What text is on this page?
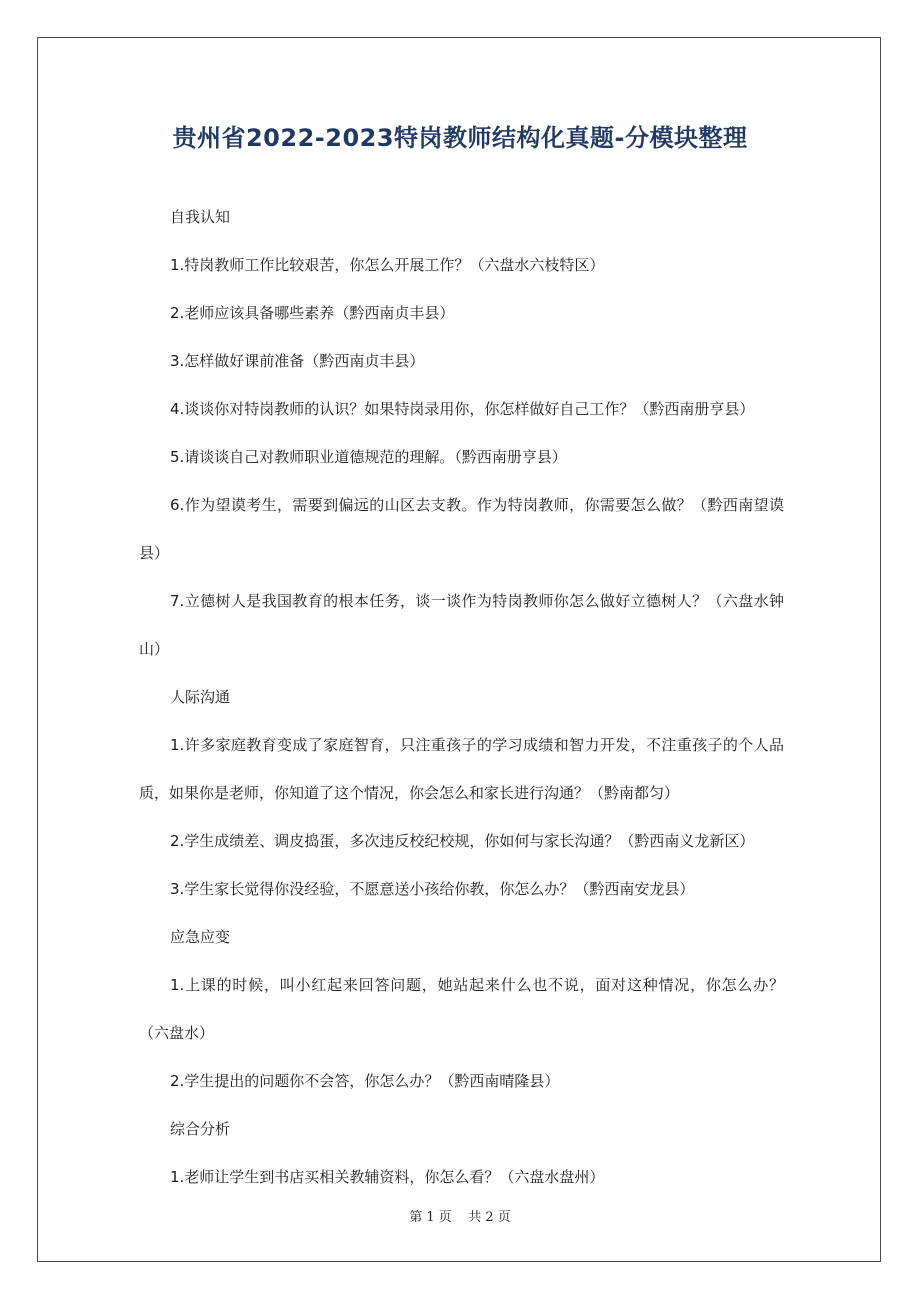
贵州省2022-2023特岗教师结构化真题-分模块整理

自我认知

1.特岗教师工作比较艰苦，你怎么开展工作？（六盘水六枝特区）

2.老师应该具备哪些素养（黔西南贞丰县）

3.怎样做好课前准备（黔西南贞丰县）

4.谈谈你对特岗教师的认识？如果特岗录用你，你怎样做好自己工作？（黔西南册亨县）

5.请谈谈自己对教师职业道德规范的理解。（黔西南册亨县）

6.作为望谟考生，需要到偏远的山区去支教。作为特岗教师，你需要怎么做？（黔西南望谟县）

7.立德树人是我国教育的根本任务，谈一谈作为特岗教师你怎么做好立德树人？（六盘水钟山）

人际沟通

1.许多家庭教育变成了家庭智育，只注重孩子的学习成绩和智力开发，不注重孩子的个人品质，如果你是老师，你知道了这个情况，你会怎么和家长进行沟通？（黔南都匀）

2.学生成绩差、调皮捣蛋，多次违反校纪校规，你如何与家长沟通？（黔西南义龙新区）

3.学生家长觉得你没经验，不愿意送小孩给你教，你怎么办？（黔西南安龙县）

应急应变

1.上课的时候，叫小红起来回答问题，她站起来什么也不说，面对这种情况，你怎么办？（六盘水）

2.学生提出的问题你不会答，你怎么办？（黔西南晴隆县）

综合分析

1.老师让学生到书店买相关教辅资料，你怎么看？（六盘水盘州）

第 1 页 共 2 页
